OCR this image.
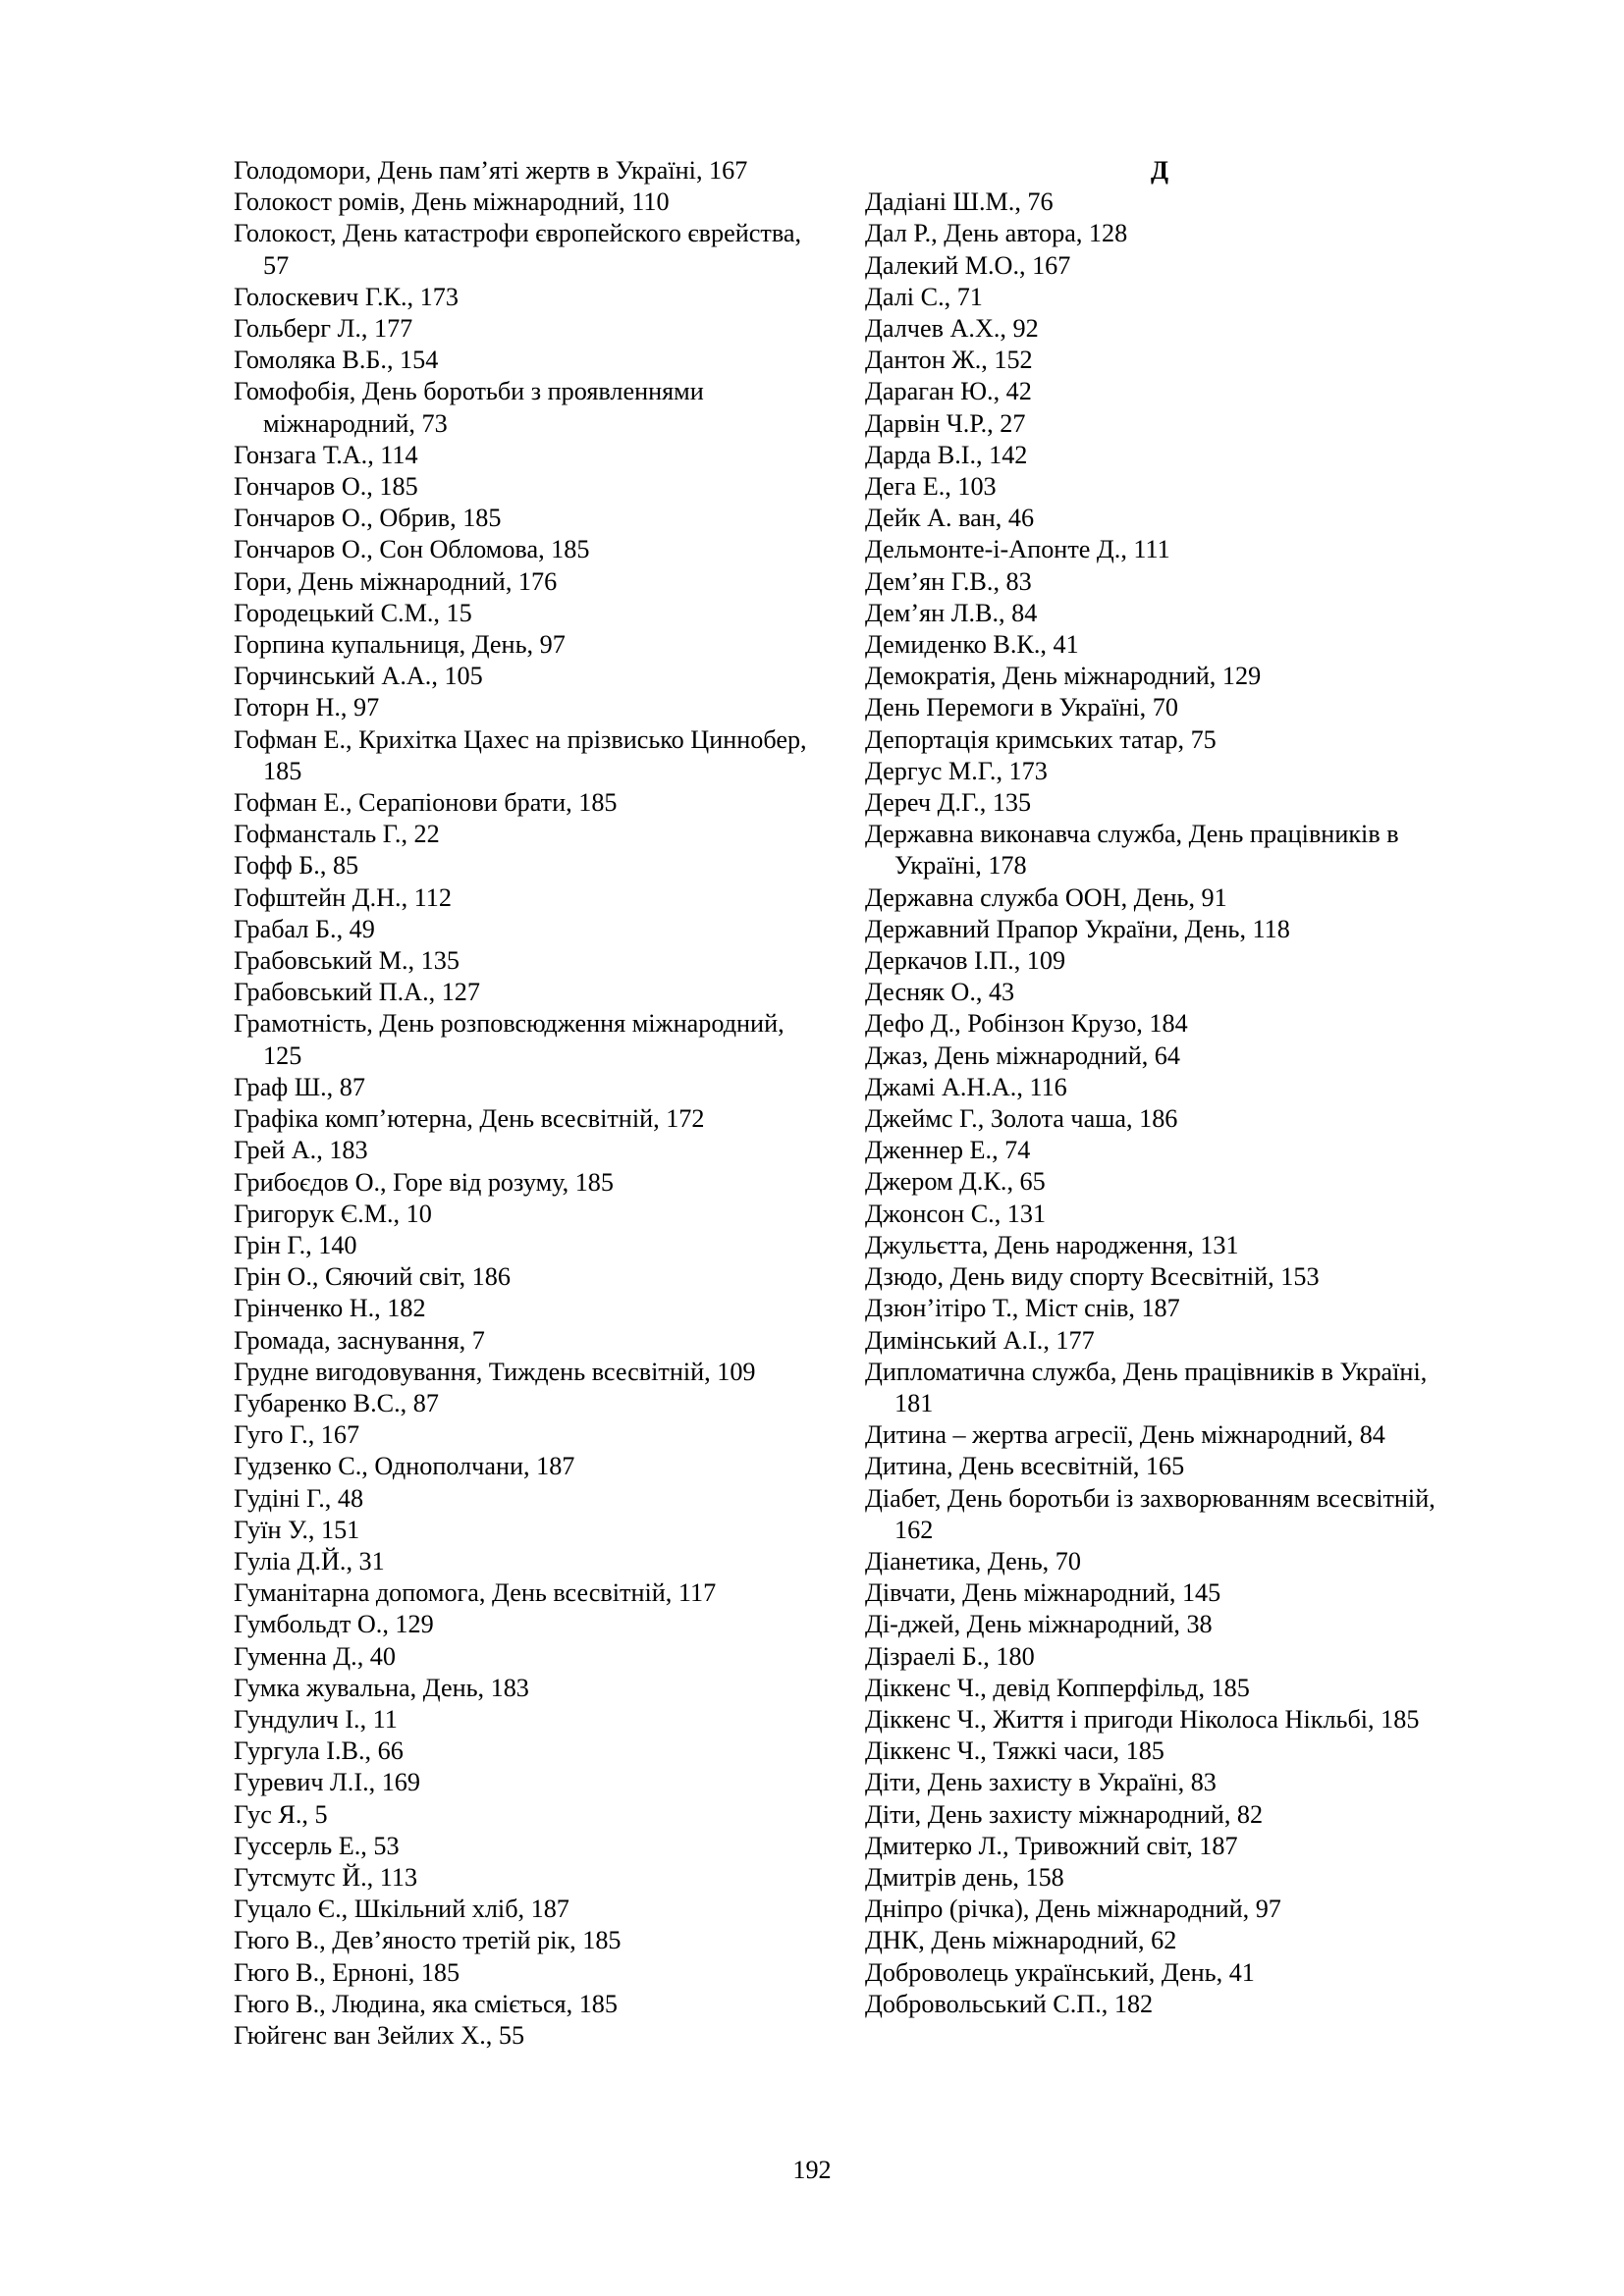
Голодомори, День пам’яті жертв в Україні, 167
Голокост ромів, День міжнародний, 110
Голокост, День катастрофи європейского єврейства, 57
Голоскевич Г.К., 173
Гольберг Л., 177
Гомоляка В.Б., 154
Гомофобія, День боротьби з проявленнями міжнародний, 73
Гонзага Т.А., 114
Гончаров О., 185
Гончаров О., Обрив, 185
Гончаров О., Сон Обломова, 185
Гори, День міжнародний, 176
Городецький С.М., 15
Горпина купальниця, День, 97
Горчинський А.А., 105
Готорн Н., 97
Гофман Е., Крихітка Цахес на прізвисько Циннобер, 185
Гофман Е., Серапіонови брати, 185
Гофмансталь Г., 22
Гофф Б., 85
Гофштейн Д.Н., 112
Грабал Б., 49
Грабовський М., 135
Грабовський П.А., 127
Грамотність, День розповсюдження міжнародний, 125
Граф Ш., 87
Графіка комп’ютерна, День всесвітній, 172
Грей А., 183
Грибоєдов О., Горе від розуму, 185
Григорук Є.М., 10
Грін Г., 140
Грін О., Сяючий світ, 186
Грінченко Н., 182
Громада, заснування, 7
Грудне вигодовування, Тиждень всесвітній, 109
Губаренко В.С., 87
Гуго Г., 167
Гудзенко С., Однополчани, 187
Гудіні Г., 48
Гуїн У., 151
Гуліа Д.Й., 31
Гуманітарна допомога, День всесвітній, 117
Гумбольдт О., 129
Гуменна Д., 40
Гумка жувальна, День, 183
Гундулич І., 11
Гургула І.В., 66
Гуревич Л.І., 169
Гус Я., 5
Гуссерль Е., 53
Гутсмутс Й., 113
Гуцало Є., Шкільний хліб, 187
Гюго В., Дев’яносто третій рік, 185
Гюго В., Ерноні, 185
Гюго В., Людина, яка сміється, 185
Гюйгенс ван Зейлих Х., 55
Д
Дадіані Ш.М., 76
Дал Р., День автора, 128
Далекий М.О., 167
Далі С., 71
Далчев А.Х., 92
Дантон Ж., 152
Дараган Ю., 42
Дарвін Ч.Р., 27
Дарда В.І., 142
Дега Е., 103
Дейк А. ван, 46
Дельмонте-і-Апонте Д., 111
Дем’ян Г.В., 83
Дем’ян Л.В., 84
Демиденко В.К., 41
Демократія, День міжнародний, 129
День Перемоги в Україні, 70
Депортація кримських татар, 75
Дергус М.Г., 173
Дереч Д.Г., 135
Державна виконавча служба, День працівників в Україні, 178
Державна служба ООН, День, 91
Державний Прапор України, День, 118
Деркачов І.П., 109
Десняк О., 43
Дефо Д., Робінзон Крузо, 184
Джаз, День міжнародний, 64
Джамі А.Н.А., 116
Джеймс Г., Золота чаша, 186
Дженнер Е., 74
Джером Д.К., 65
Джонсон С., 131
Джульєтта, День народження, 131
Дзюдо, День виду спорту Всесвітній, 153
Дзюн’ітіро Т., Міст снів, 187
Димінський А.І., 177
Дипломатична служба, День працівників в Україні, 181
Дитина – жертва агресії, День міжнародний, 84
Дитина, День всесвітній, 165
Діабет, День боротьби із захворюванням всесвітній, 162
Діанетика, День, 70
Дівчати, День міжнародний, 145
Ді-джей, День міжнародний, 38
Дізраелі Б., 180
Діккенс Ч., девід Копперфільд, 185
Діккенс Ч., Життя і пригоди Ніколоса Нікльбі, 185
Діккенс Ч., Тяжкі часи, 185
Діти, День захисту в Україні, 83
Діти, День захисту міжнародний, 82
Дмитерко Л., Тривожний світ, 187
Дмитрів день, 158
Дніпро (річка), День міжнародний, 97
ДНК, День міжнародний, 62
Доброволець український, День, 41
Добровольський С.П., 182
192
